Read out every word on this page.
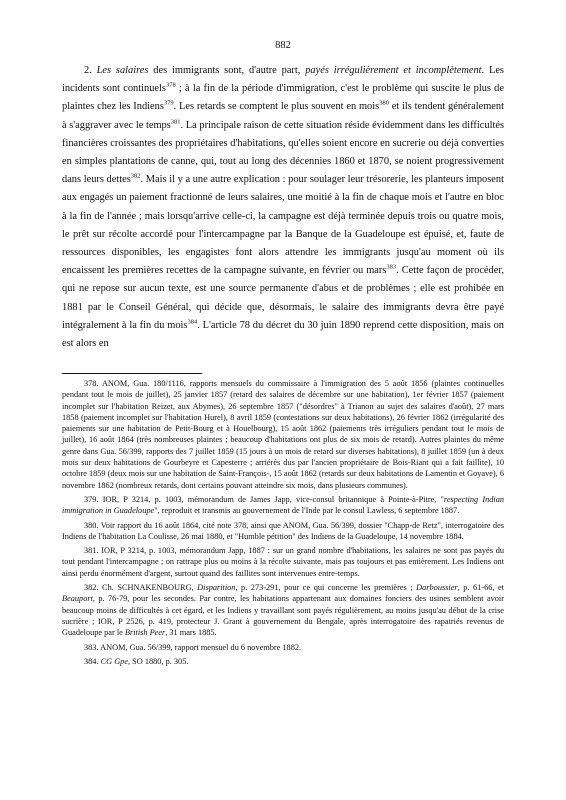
882

2. Les salaires des immigrants sont, d'autre part, payés irrégulièrement et incomplètement. Les incidents sont continuels$^{378}$ ; à la fin de la période d'immigration, c'est le problème qui suscite le plus de plaintes chez les Indiens$^{379}$. Les retards se comptent le plus souvent en mois$^{380}$ et ils tendent généralement à s'aggraver avec le temps$^{381}$. La principale raison de cette situation réside évidemment dans les difficultés financières croissantes des propriétaires d'habitations, qu'elles soient encore en sucrerie ou déjà converties en simples plantations de canne, qui, tout au long des décennies 1860 et 1870, se noient progressivement dans leurs dettes$^{382}$. Mais il y a une autre explication : pour soulager leur trésorerie, les planteurs imposent aux engagés un paiement fractionné de leurs salaires, une moitié à la fin de chaque mois et l'autre en bloc à la fin de l'année ; mais lorsqu'arrive celle-ci, la campagne est déjà terminée depuis trois ou quatre mois, le prêt sur récolte accordé pour l'intercampagne par la Banque de la Guadeloupe est épuisé, et, faute de ressources disponibles, les engagistes font alors attendre les immigrants jusqu'au moment où ils encaissent les premières recettes de la campagne suivante, en février ou mars$^{383}$. Cette façon de procéder, qui ne repose sur aucun texte, est une source permanente d'abus et de problèmes ; elle est prohibée en 1881 par le Conseil Général, qui décide que, désormais, le salaire des immigrants devra être payé intégralement à la fin du mois$^{384}$. L'article 78 du décret du 30 juin 1890 reprend cette disposition, mais on est alors en

378. ANOM, Gua. 180/1116, rapports mensuels du commissaire à l'immigration des 5 août 1856 (plaintes continuelles pendant tout le mois de juillet), 25 janvier 1857 (retard des salaires de décembre sur une habitation), 1er février 1857 (paiement incomplet sur l'habitation Reizet, aux Abymes), 26 septembre 1857 ("désordres" à Trianon au sujet des salaires d'août), 27 mars 1858 (paiement incomplet sur l'habitation Hurel), 8 avril 1859 (contestations sur deux habitations), 26 février 1862 (irrégularité des paiements sur une habitation de Petit-Bourg et à Houelbourg), 15 août 1862 (paiements très irréguliers pendant tout le mois de juillet), 16 août 1864 (très nombreuses plaintes ; beaucoup d'habitations ont plus de six mois de retard). Autres plaintes du même genre dans Gua. 56/399, rapports des 7 juillet 1859 (15 jours à un mois de retard sur diverses habitations), 8 juillet 1859 (un à deux mois sur deux habitations de Gourbeyre et Capesterre ; arriérés dus par l'ancien propriétaire de Bois-Riant qui a fait faillite), 10 octobre 1859 (deux mois sur une habitation de Saint-François-, 15 août 1862 (retards sur deux habitations de Lamentin et Goyave), 6 novembre 1862 (nombreux retards, dont certains pouvant atteindre six mois, dans plusieurs communes).

379. IOR, P 3214, p. 1003, mémorandum de James Japp, vice-consul britannique à Pointe-à-Pitre, "respecting Indian immigration in Guadeloupe", reproduit et transmis au gouvernement de l'Inde par le consul Lawless, 6 septembre 1887.

380. Voir rapport du 16 août 1864, cité note 378, ainsi que ANOM, Gua. 56/399, dossier "Chapp-de Retz", interrogatoire des Indiens de l'habitation La Coulisse, 26 mai 1880, et "Humble pétition" des Indiens de la Guadeloupe, 14 novembre 1884.

381. IOR, P 3214, p. 1003, mémorandum Japp, 1887 : sur un grand nombre d'habitations, les salaires ne sont pas payés du tout pendant l'intercampagne ; on rattrape plus ou moins à la récolte suivante, mais pas toujours et pas entièrement. Les Indiens ont ainsi perdu énormément d'argent, surtout quand des faillites sont intervenues entre-temps.

382. Ch. SCHNAKENBOURG, Disparition, p. 273-291, pour ce qui concerne les premières ; Darboussier, p. 61-66, et Beauport, p. 76-79, pour les secondes. Par contre, les habitations appartenant aux domaines fonciers des usines semblent avoir beaucoup moins de difficultés à cet égard, et les Indiens y travaillant sont payés régulièrement, au moins jusqu'au début de la crise sucrière ; IOR, P 2526, p. 419, protecteur J. Grant à gouvernement du Bengale, après interrogatoire des rapatriés revenus de Guadeloupe par le British Peer, 31 mars 1885.

383. ANOM, Gua. 56/399, rapport mensuel du 6 novembre 1882.

384. CG Gpe, SO 1880, p. 305.
